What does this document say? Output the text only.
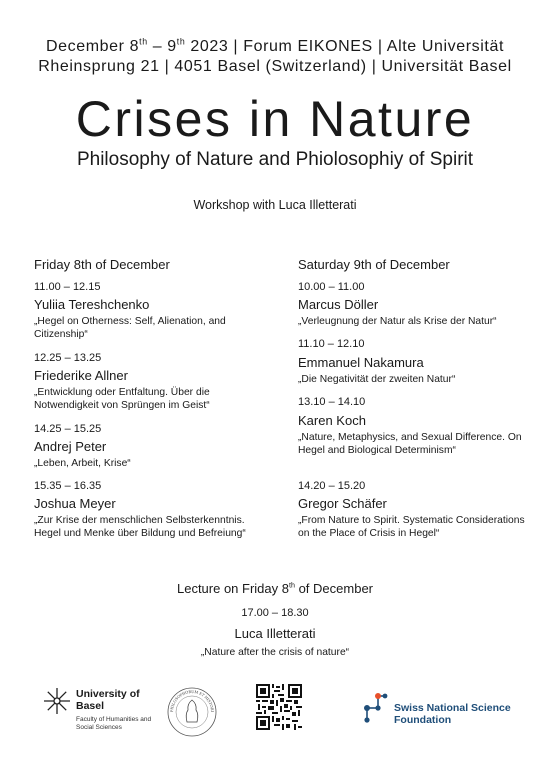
December 8th – 9th 2023 | Forum EIKONES | Alte Universität
Rheinsprung 21 | 4051 Basel (Switzerland) | Universität Basel
Crises in Nature
Philosophy of Nature and Phiolosophiy of Spirit
Workshop with Luca Illetterati
Friday 8th of December
11.00 – 12.15
Yuliia Tereshchenko
„Hegel on Otherness: Self, Alienation, and Citizenship“
12.25 – 13.25
Friederike Allner
„Entwicklung oder Entfaltung. Über die Notwendigkeit von Sprüngen im Geist“
14.25 – 15.25
Andrej Peter
„Leben, Arbeit, Krise“
15.35 – 16.35
Joshua Meyer
„Zur Krise der menschlichen Selbsterkenntnis. Hegel und Menke über Bildung und Befreiung“
Saturday 9th of December
10.00 – 11.00
Marcus Döller
„Verleugnung der Natur als Krise der Natur“
11.10 – 12.10
Emmanuel Nakamura
„Die Negativität der zweiten Natur“
13.10 – 14.10
Karen Koch
„Nature, Metaphysics, and Sexual Difference. On Hegel and Biological Determinism“
14.20 – 15.20
Gregor Schäfer
„From Nature to Spirit. Systematic Considerations on the Place of Crisis in Hegel“
Lecture on Friday 8th of December
17.00 – 18.30
Luca Illetterati
„Nature after the crisis of nature“
University of Basel
Faculty of Humanities and Social Sciences
PHILOSOPHORUM ET HISTORI	Swiss National Science Foundation
